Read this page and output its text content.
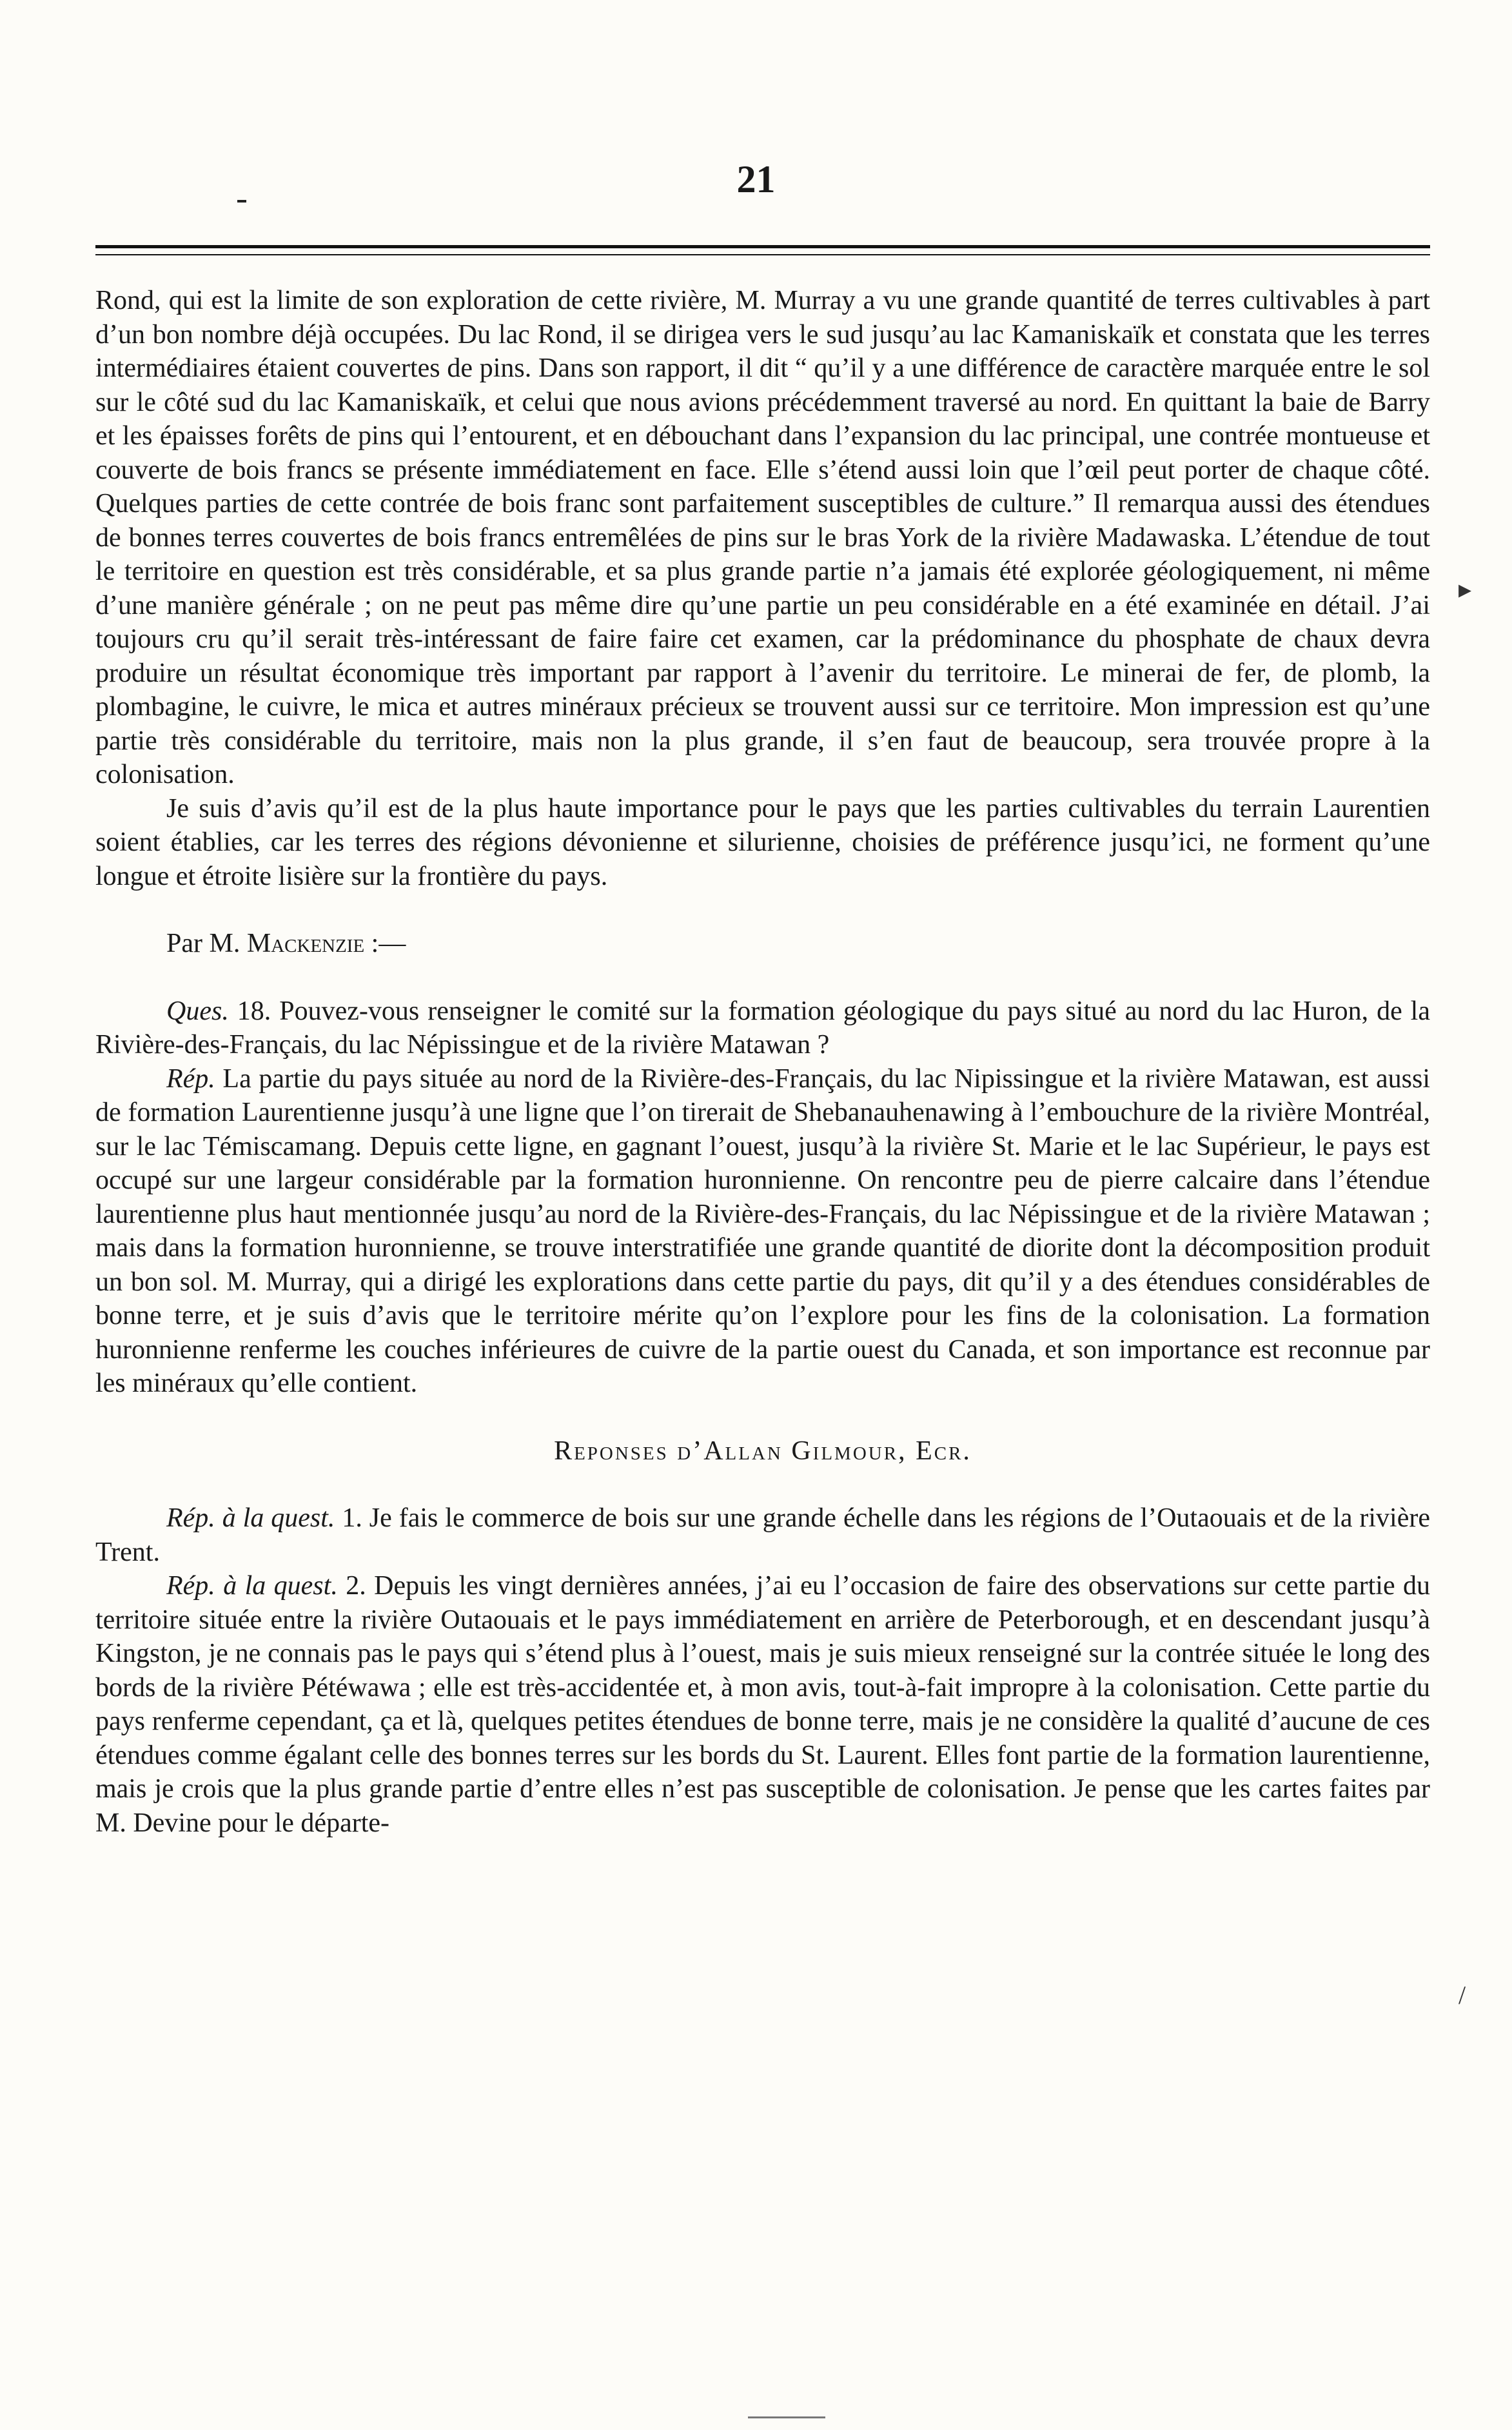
21

Rond, qui est la limite de son exploration de cette rivière, M. Murray a vu une grande quantité de terres cultivables à part d’un bon nombre déjà occupées. Du lac Rond, il se dirigea vers le sud jusqu’au lac Kamaniskaïk et constata que les terres intermédiaires étaient couvertes de pins. Dans son rapport, il dit “ qu’il y a une différence de caractère marquée entre le sol sur le côté sud du lac Kamaniskaïk, et celui que nous avions précédemment traversé au nord. En quittant la baie de Barry et les épaisses forêts de pins qui l’entourent, et en débouchant dans l’expansion du lac principal, une contrée montueuse et couverte de bois francs se présente immédiatement en face. Elle s’étend aussi loin que l’œil peut porter de chaque côté. Quelques parties de cette contrée de bois franc sont parfaitement susceptibles de culture.” Il remarqua aussi des étendues de bonnes terres couvertes de bois francs entremêlées de pins sur le bras York de la rivière Madawaska. L’étendue de tout le territoire en question est très considérable, et sa plus grande partie n’a jamais été explorée géologiquement, ni même d’une manière générale ; on ne peut pas même dire qu’une partie un peu considérable en a été examinée en détail. J’ai toujours cru qu’il serait très-intéressant de faire faire cet examen, car la prédominance du phosphate de chaux devra produire un résultat économique très important par rapport à l’avenir du territoire. Le minerai de fer, de plomb, la plombagine, le cuivre, le mica et autres minéraux précieux se trouvent aussi sur ce territoire. Mon impression est qu’une partie très considérable du territoire, mais non la plus grande, il s’en faut de beaucoup, sera trouvée propre à la colonisation.

Je suis d’avis qu’il est de la plus haute importance pour le pays que les parties cultivables du terrain Laurentien soient établies, car les terres des régions dévonienne et silurienne, choisies de préférence jusqu’ici, ne forment qu’une longue et étroite lisière sur la frontière du pays.

Par M. Mackenzie :—

Ques. 18. Pouvez-vous renseigner le comité sur la formation géologique du pays situé au nord du lac Huron, de la Rivière-des-Français, du lac Népissingue et de la rivière Matawan ?

Rép. La partie du pays située au nord de la Rivière-des-Français, du lac Nipissingue et la rivière Matawan, est aussi de formation Laurentienne jusqu’à une ligne que l’on tirerait de Shebanauhenawing à l’embouchure de la rivière Montréal, sur le lac Témiscamang. Depuis cette ligne, en gagnant l’ouest, jusqu’à la rivière St. Marie et le lac Supérieur, le pays est occupé sur une largeur considérable par la formation huronnienne. On rencontre peu de pierre calcaire dans l’étendue laurentienne plus haut mentionnée jusqu’au nord de la Rivière-des-Français, du lac Népissingue et de la rivière Matawan ; mais dans la formation huronnienne, se trouve interstratifiée une grande quantité de diorite dont la décomposition produit un bon sol. M. Murray, qui a dirigé les explorations dans cette partie du pays, dit qu’il y a des étendues considérables de bonne terre, et je suis d’avis que le territoire mérite qu’on l’explore pour les fins de la colonisation. La formation huronnienne renferme les couches inférieures de cuivre de la partie ouest du Canada, et son importance est reconnue par les minéraux qu’elle contient.

Reponses d’Allan Gilmour, Ecr.

Rép. à la quest. 1. Je fais le commerce de bois sur une grande échelle dans les régions de l’Outaouais et de la rivière Trent.

Rép. à la quest. 2. Depuis les vingt dernières années, j’ai eu l’occasion de faire des observations sur cette partie du territoire située entre la rivière Outaouais et le pays immédiatement en arrière de Peterborough, et en descendant jusqu’à Kingston, je ne connais pas le pays qui s’étend plus à l’ouest, mais je suis mieux renseigné sur la contrée située le long des bords de la rivière Pétéwawa ; elle est très-accidentée et, à mon avis, tout-à-fait impropre à la colonisation. Cette partie du pays renferme cependant, ça et là, quelques petites étendues de bonne terre, mais je ne considère la qualité d’aucune de ces étendues comme égalant celle des bonnes terres sur les bords du St. Laurent. Elles font partie de la formation laurentienne, mais je crois que la plus grande partie d’entre elles n’est pas susceptible de colonisation. Je pense que les cartes faites par M. Devine pour le départe-

▸
/
